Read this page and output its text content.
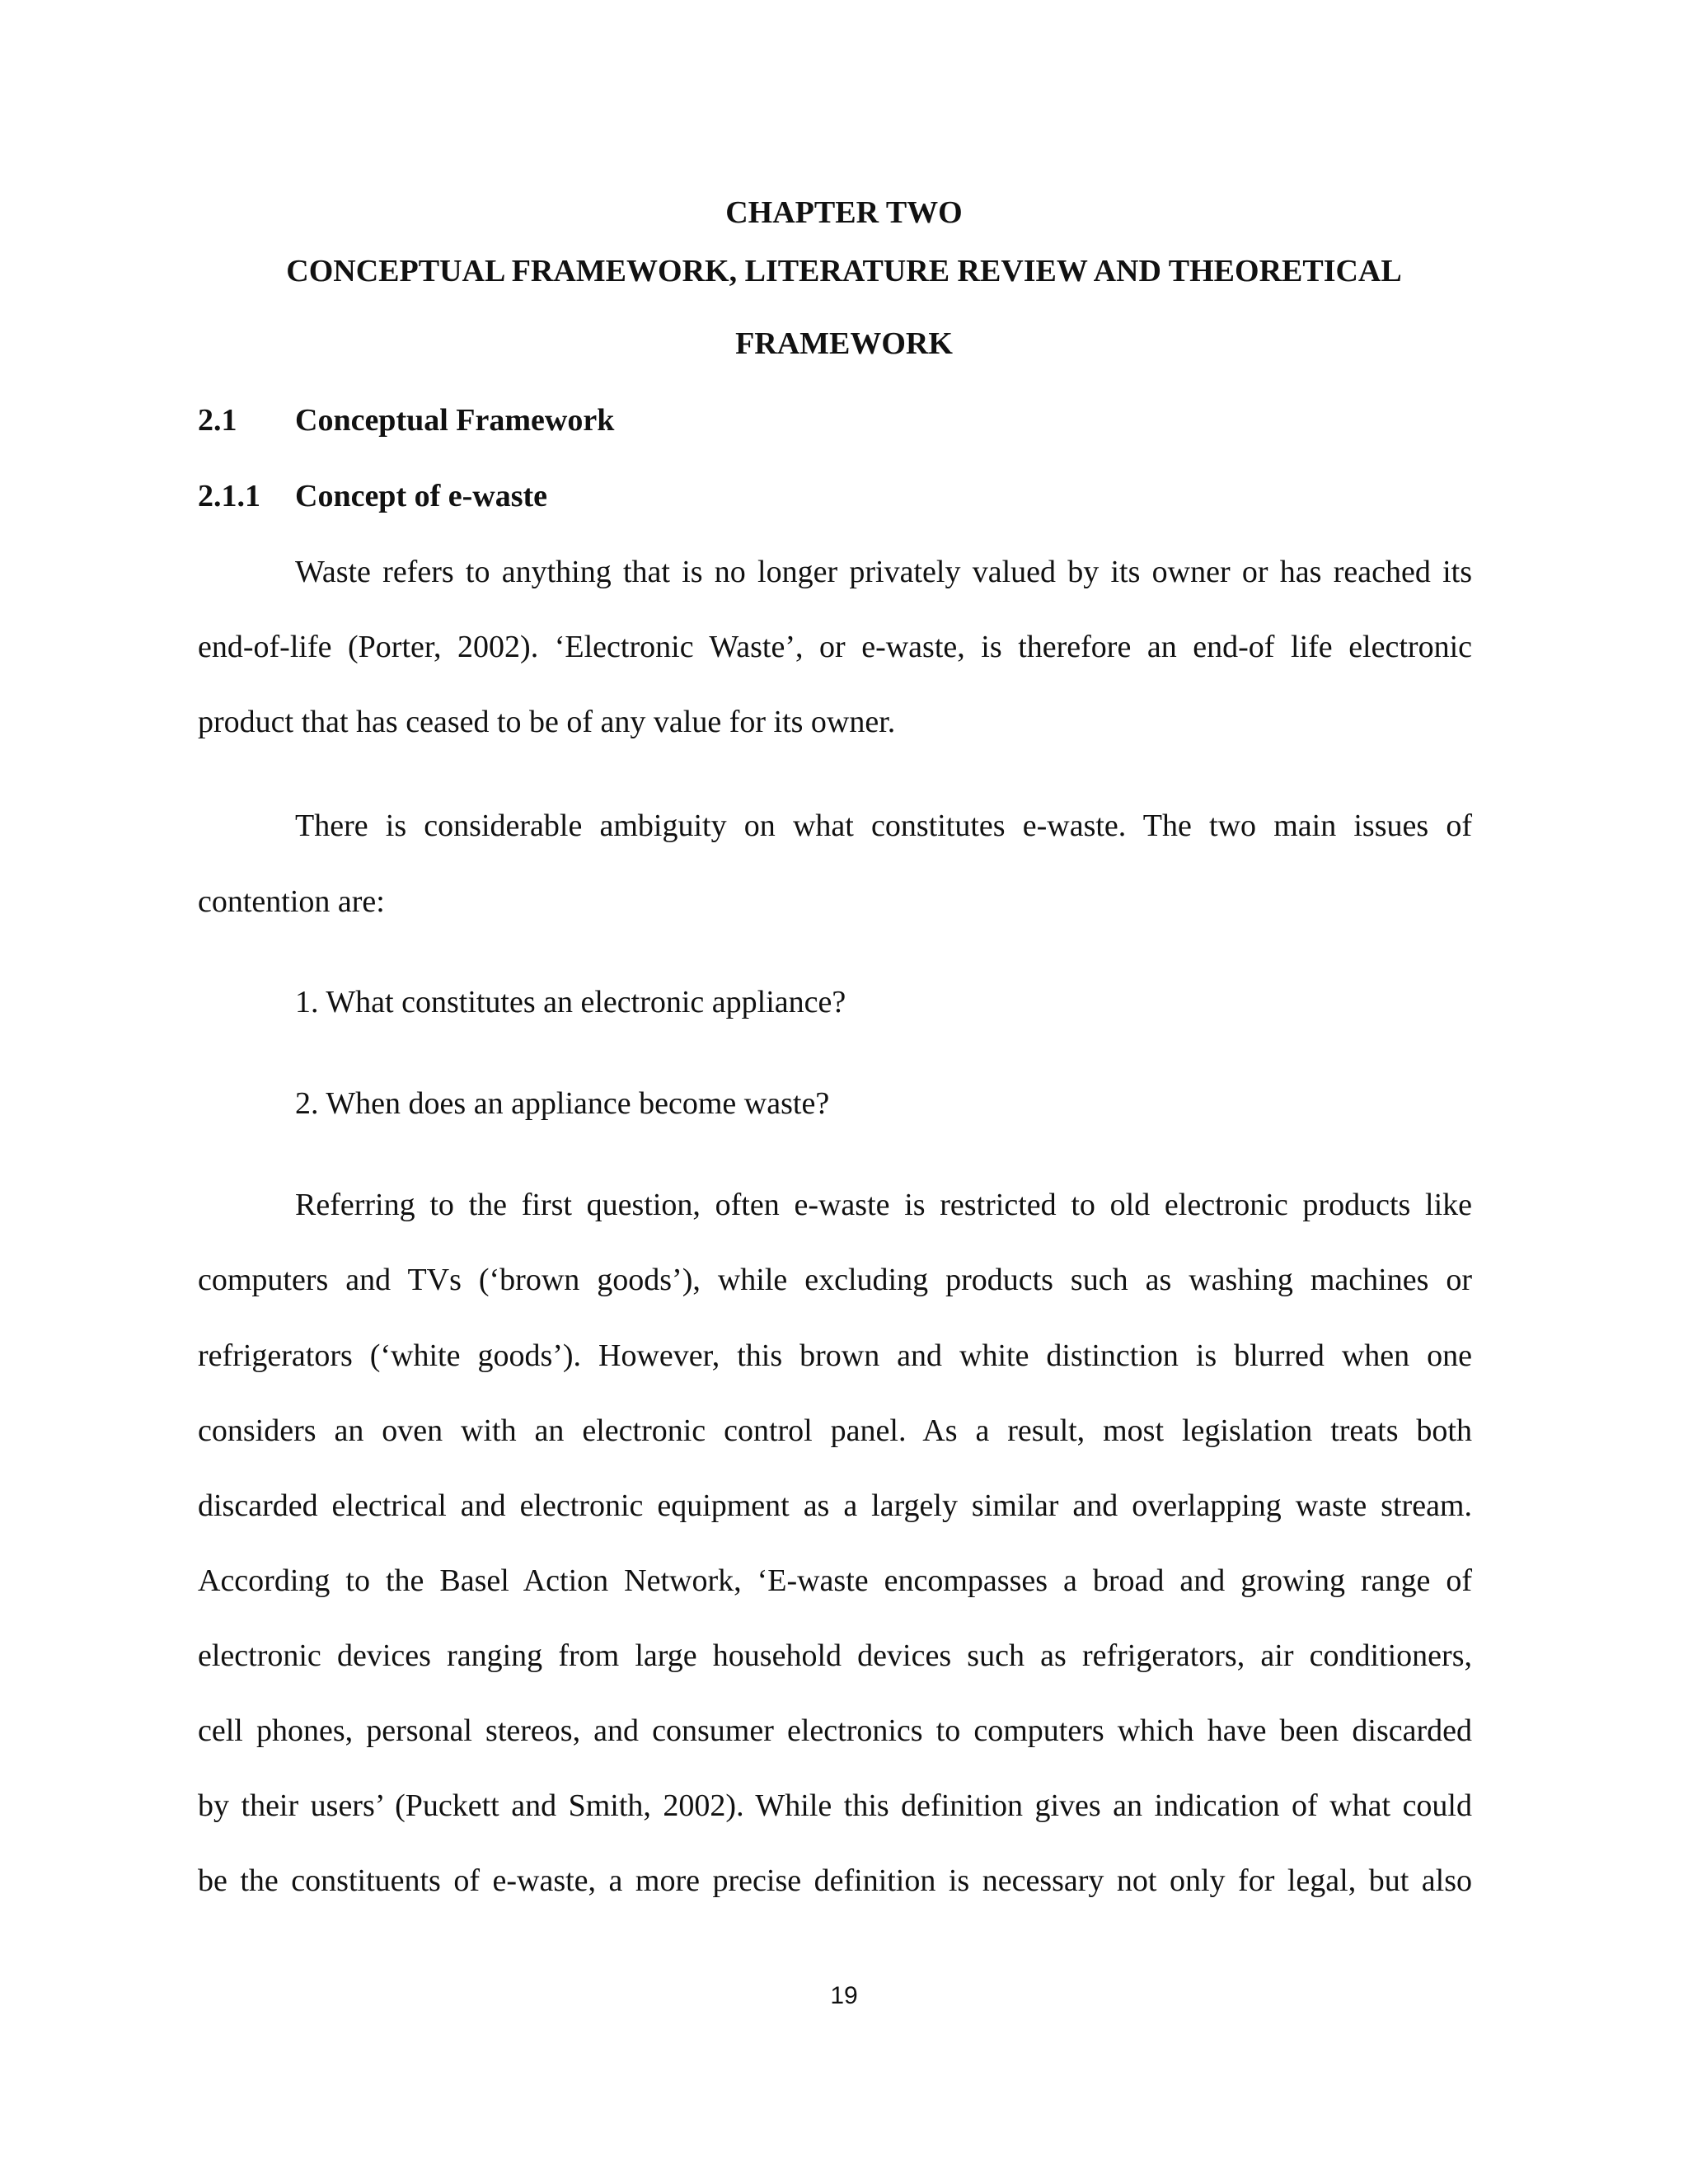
CHAPTER TWO
CONCEPTUAL FRAMEWORK, LITERATURE REVIEW AND THEORETICAL
FRAMEWORK
2.1 Conceptual Framework
2.1.1 Concept of e-waste
Waste refers to anything that is no longer privately valued by its owner or has reached its
end-of-life (Porter, 2002). ‘Electronic Waste’, or e-waste, is therefore an end-of life electronic
product that has ceased to be of any value for its owner.
There is considerable ambiguity on what constitutes e-waste. The two main issues of
contention are:
1. What constitutes an electronic appliance?
2. When does an appliance become waste?
Referring to the first question, often e-waste is restricted to old electronic products like
computers and TVs (‘brown goods’), while excluding products such as washing machines or
refrigerators (‘white goods’). However, this brown and white distinction is blurred when one
considers an oven with an electronic control panel. As a result, most legislation treats both
discarded electrical and electronic equipment as a largely similar and overlapping waste stream.
According to the Basel Action Network, ‘E-waste encompasses a broad and growing range of
electronic devices ranging from large household devices such as refrigerators, air conditioners,
cell phones, personal stereos, and consumer electronics to computers which have been discarded
by their users’ (Puckett and Smith, 2002). While this definition gives an indication of what could
be the constituents of e-waste, a more precise definition is necessary not only for legal, but also
19
